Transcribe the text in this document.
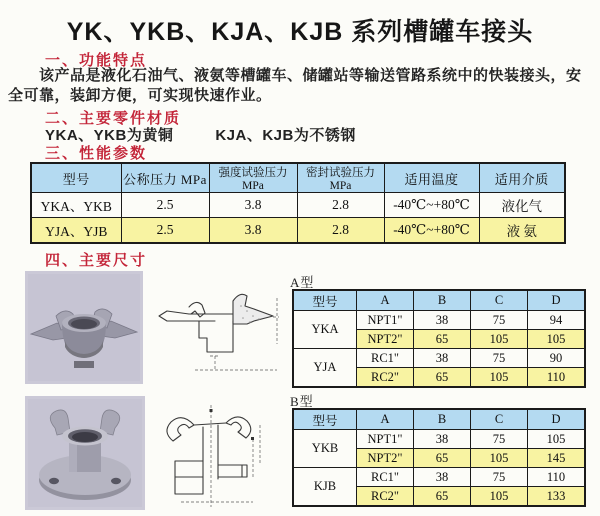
YK、YKB、KJA、KJB 系列槽罐车接头
一、功能特点
该产品是液化石油气、液氨等槽罐车、储罐站等输送管路系统中的快装接头，安全可靠，装卸方便，可实现快速作业。
二、主要零件材质
YKA、YKB为黄铜	KJA、KJB为不锈钢
三、性能参数
型号	公称压力 MPa	强度试验压力MPa	密封试验压力MPa	适用温度	适用介质
YKA、YKB	2.5	3.8	2.8	-40℃~+80℃	液化气
YJA、YJB	2.5	3.8	2.8	-40℃~+80℃	液 氨
四、主要尺寸
A型
型号	A	B	C	D
YKA	NPT1"	38	75	94
	NPT2"	65	105	105
YJA	RC1"	38	75	90
	RC2"	65	105	110
B型
型号	A	B	C	D
YKB	NPT1"	38	75	105
	NPT2"	65	105	145
KJB	RC1"	38	75	110
	RC2"	65	105	133
